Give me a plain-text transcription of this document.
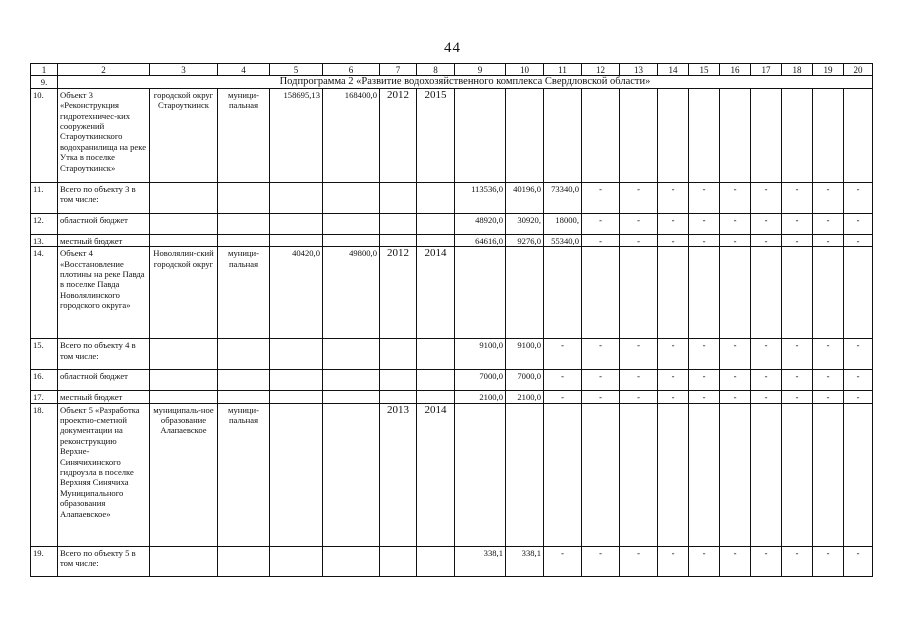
44
1	2	3	4	5	6	7	8	9	10	11	12	13	14	15	16	17	18	19	20
9.	Подпрограмма 2 «Развитие водохозяйственного комплекса Свердловской области»																		
10.	Объект 3 «Реконструкция гидротехничес-ких сооружений Староуткинского водохранилища на реке Утка в поселке Староуткинск»	городской округ Староуткинск	муници-пальная	158695,13	168400,0	2012	2015												
11.	Всего по объекту 3 в том числе:							113536,0	40196,0	73340,0	-	-	-	-	-	-	-	-	-
12.	областной бюджет							48920,0	30920,	18000,	-	-	-	-	-	-	-	-	-
13.	местный бюджет							64616,0	9276,0	55340,0	-	-	-	-	-	-	-	-	-
14.	Объект 4 «Восстановление плотины на реке Павда в поселке Павда Новолялинского городского округа»	Новолялин-ский городской округ	муници-пальная	40420,0	49800,0	2012	2014												
15.	Всего по объекту 4 в том числе:							9100,0	9100,0	-	-	-	-	-	-	-	-	-	-
16.	областной бюджет							7000,0	7000,0	-	-	-	-	-	-	-	-	-	-
17.	местный бюджет							2100,0	2100,0	-	-	-	-	-	-	-	-	-	-
18.	Объект 5 «Разработка проектно-сметной документации на реконструкцию Верхне-Синячихинского гидроузла в поселке Верхняя Синячиха Муниципального образования Алапаевское»	муниципаль-ное образование Алапаевское	муници-пальная			2013	2014												
19.	Всего по объекту 5 в том числе:							338,1	338,1	-	-	-	-	-	-	-	-	-	-
